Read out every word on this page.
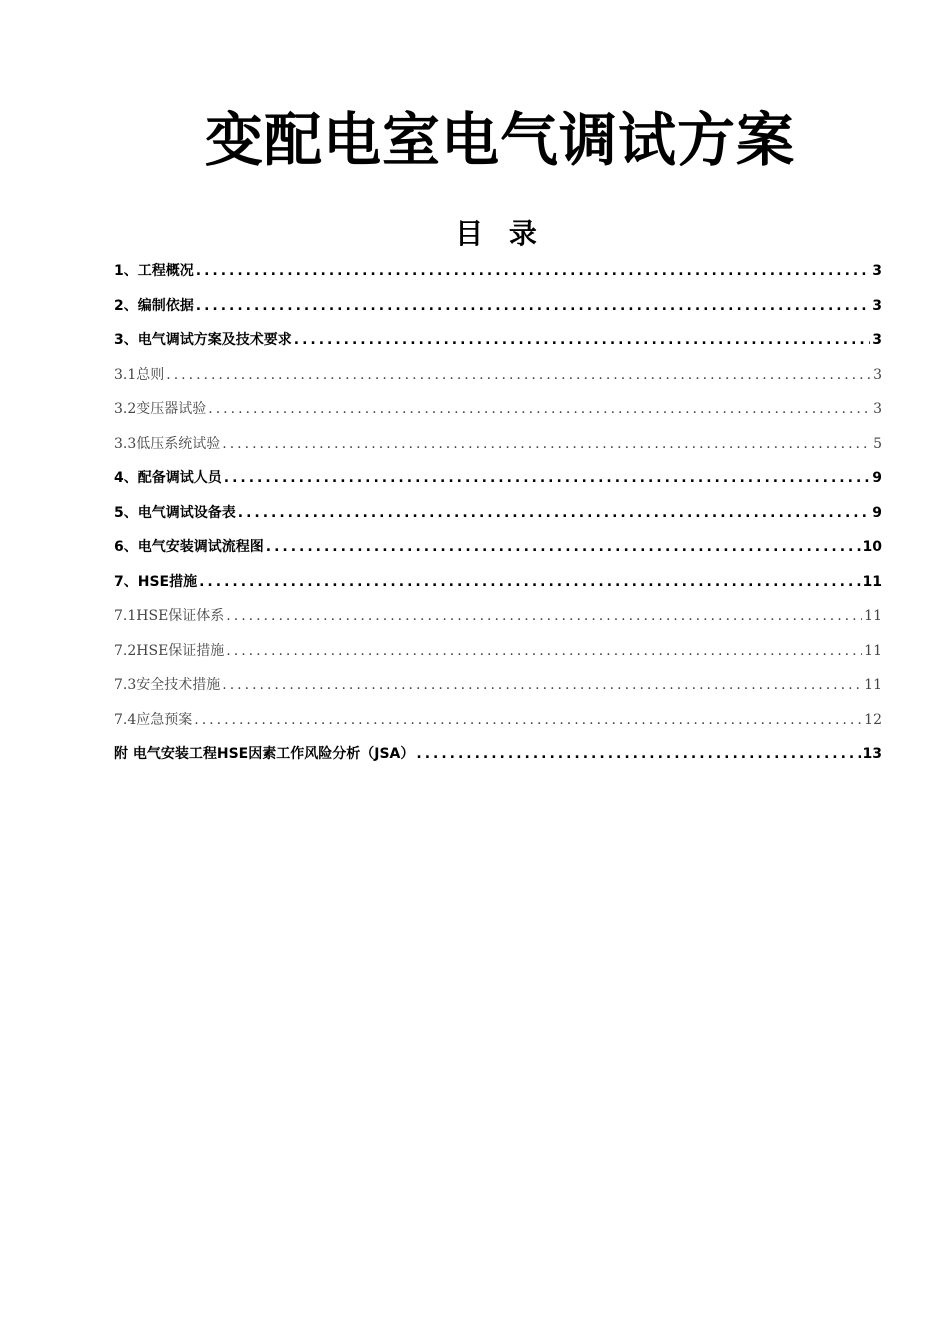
变配电室电气调试方案
目 录
1、工程概况 .....	3
2、编制依据 .....	3
3、电气调试方案及技术要求 .....	3
3.1总则 .....	3
3.2变压器试验 .....	3
3.3低压系统试验 .....	5
4、配备调试人员 .....	9
5、电气调试设备表 .....	9
6、电气安装调试流程图 .....	10
7、HSE措施 .....	11
7.1HSE保证体系 .....	11
7.2HSE保证措施 .....	11
7.3安全技术措施 .....	11
7.4应急预案 .....	12
附 电气安装工程HSE因素工作风险分析（JSA） .....	13
